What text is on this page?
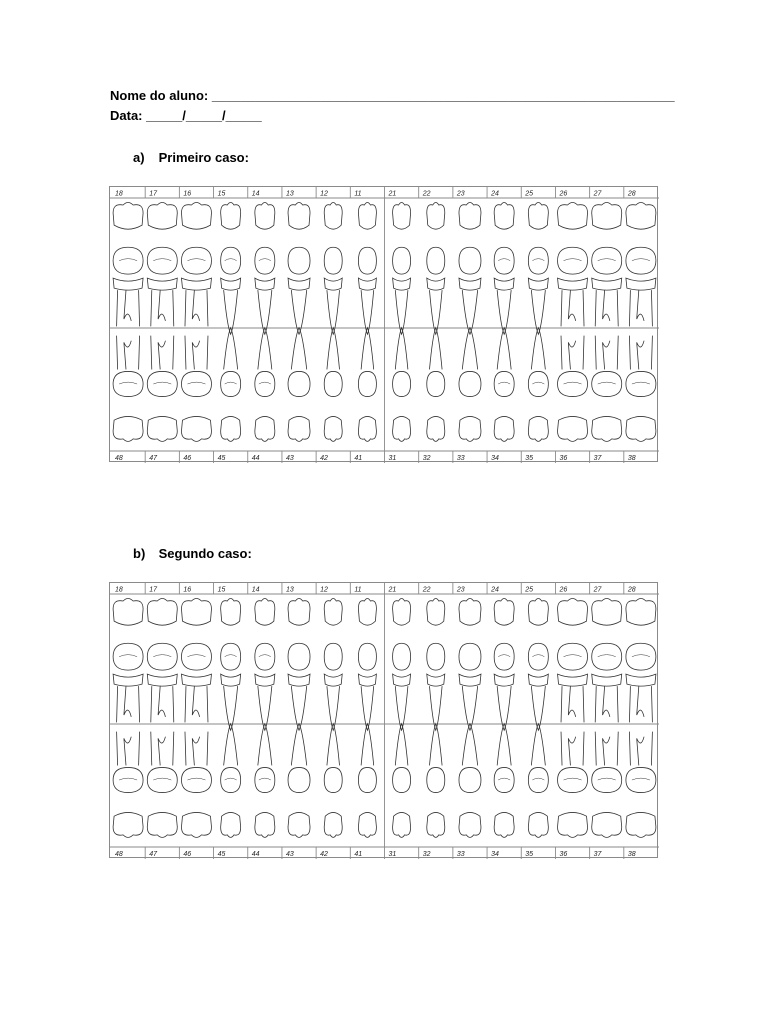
Nome do aluno: ________________________________________________________________
Data: _____/_____/_____
a) Primeiro caso:
18	17	16	15	14	13	12	11	21	22	23	24	25	26	27	28
48	47	46	45	44	43	42	41	31	32	33	34	35	36	37	38
b) Segundo caso:
18	17	16	15	14	13	12	11	21	22	23	24	25	26	27	28
48	47	46	45	44	43	42	41	31	32	33	34	35	36	37	38
